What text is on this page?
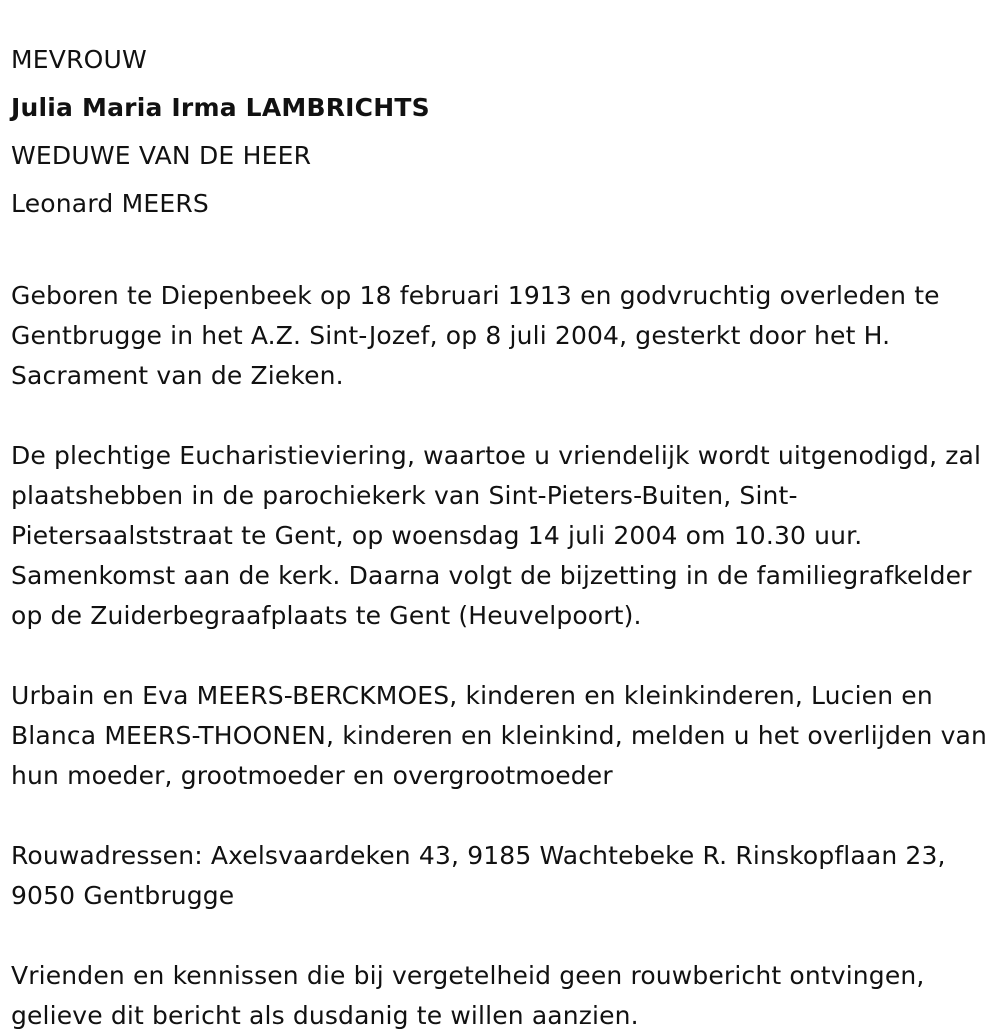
MEVROUW

Julia Maria Irma LAMBRICHTS

WEDUWE VAN DE HEER

Leonard MEERS

Geboren te Diepenbeek op 18 februari 1913 en godvruchtig overleden te Gentbrugge in het A.Z. Sint-Jozef, op 8 juli 2004, gesterkt door het H. Sacrament van de Zieken.

De plechtige Eucharistieviering, waartoe u vriendelijk wordt uitgenodigd, zal plaatshebben in de parochiekerk van Sint-Pieters-Buiten, Sint-Pietersaalststraat te Gent, op woensdag 14 juli 2004 om 10.30 uur. Samenkomst aan de kerk. Daarna volgt de bijzetting in de familiegrafkelder op de Zuiderbegraafplaats te Gent (Heuvelpoort).

Urbain en Eva MEERS-BERCKMOES, kinderen en kleinkinderen, Lucien en Blanca MEERS-THOONEN, kinderen en kleinkind, melden u het overlijden van hun moeder, grootmoeder en overgrootmoeder

Rouwadressen: Axelsvaardeken 43, 9185 Wachtebeke R. Rinskopflaan 23, 9050 Gentbrugge

Vrienden en kennissen die bij vergetelheid geen rouwbericht ontvingen, gelieve dit bericht als dusdanig te willen aanzien.
